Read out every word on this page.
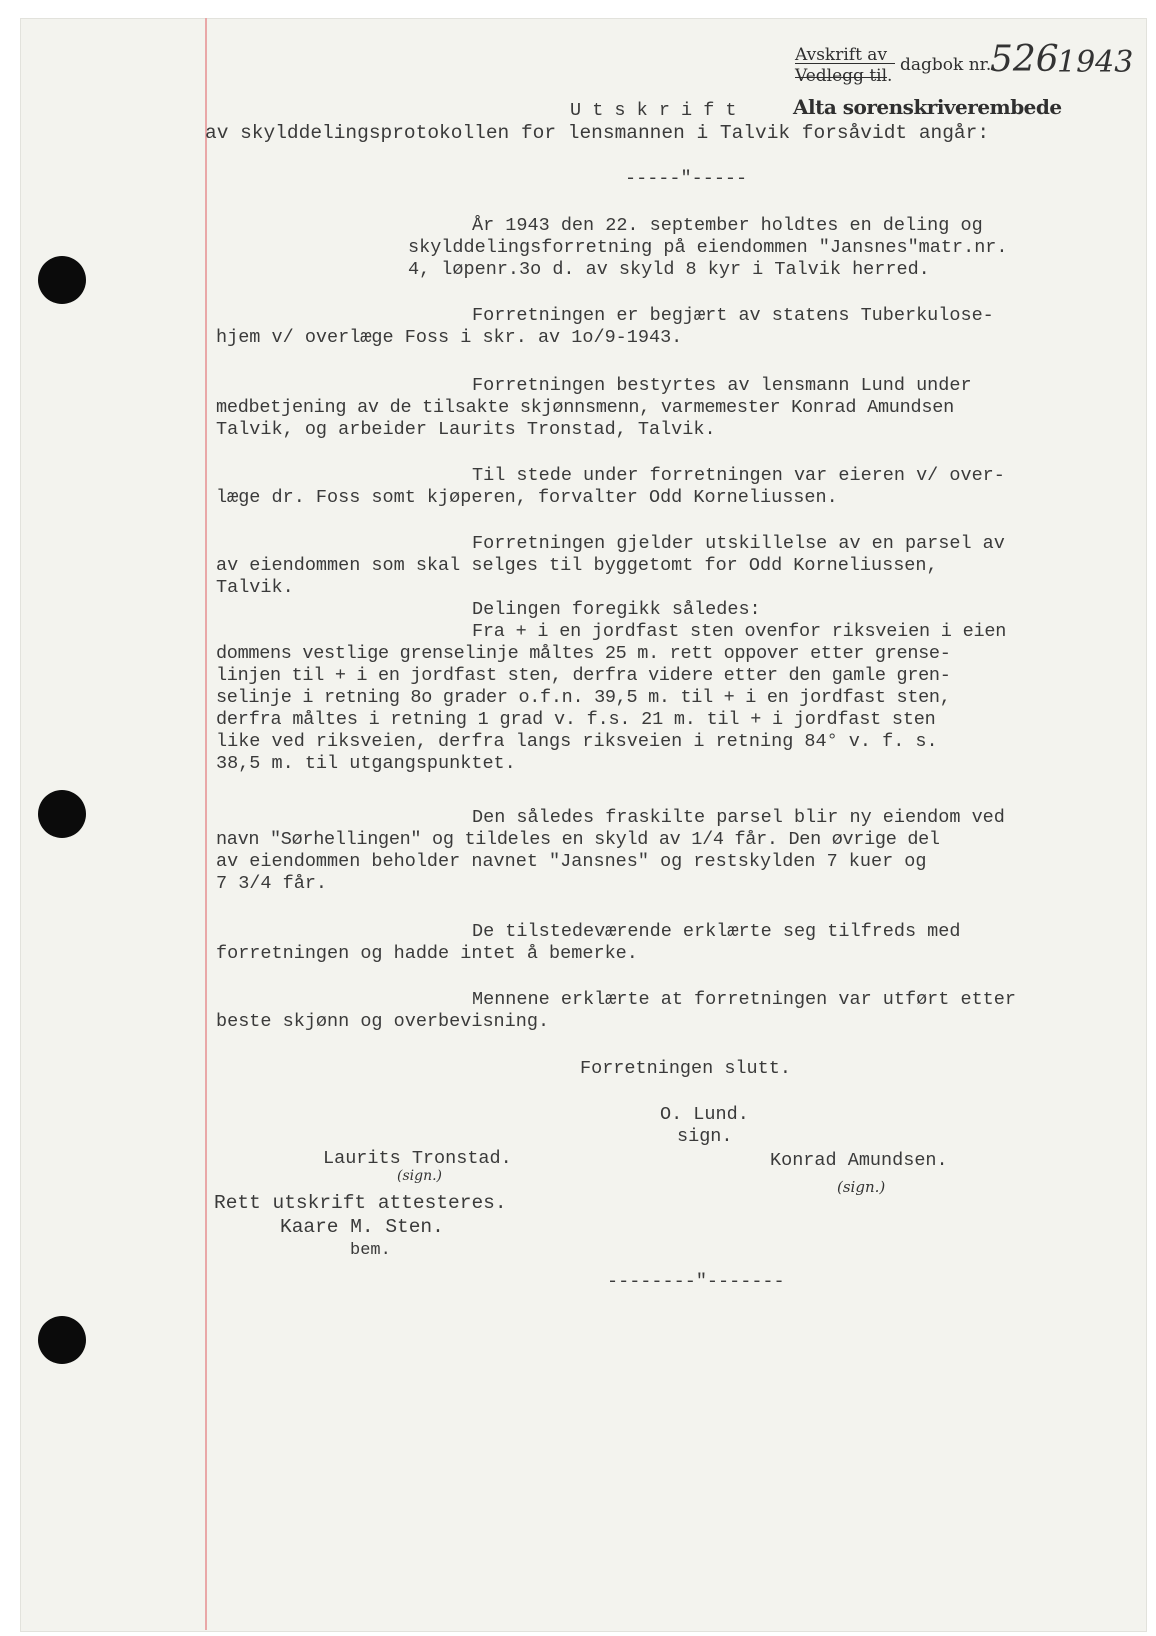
Avskrift av dagbok nr.
Vedlegg til.	526
1943
Alta sorenskriverembede

U t s k r i f t

av skylddelingsprotokollen for lensmannen i Talvik forsåvidt angår:

-----"-----

År 1943 den 22. september holdtes en deling og

skylddelingsforretning på eiendommen "Jansnes"matr.nr.

4, løpenr.3o d. av skyld 8 kyr i Talvik herred.

Forretningen er begjært av statens Tuberkulose-

hjem v/ overlæge Foss i skr. av 1o/9-1943.

Forretningen bestyrtes av lensmann Lund under

medbetjening av de tilsakte skjønnsmenn, varmemester Konrad Amundsen

Talvik, og arbeider Laurits Tronstad, Talvik.

Til stede under forretningen var eieren v/ over-

læge dr. Foss somt kjøperen, forvalter Odd Korneliussen.

Forretningen gjelder utskillelse av en parsel av

av eiendommen som skal selges til byggetomt for Odd Korneliussen,

Talvik.

Delingen foregikk således:

Fra + i en jordfast sten ovenfor riksveien i eien

dommens vestlige grenselinje måltes 25 m. rett oppover etter grense-

linjen til + i en jordfast sten, derfra videre etter den gamle gren-

selinje i retning 8o grader o.f.n. 39,5 m. til + i en jordfast sten,

derfra måltes i retning 1 grad v. f.s. 21 m. til + i jordfast sten

like ved riksveien, derfra langs riksveien i retning 84° v. f. s.

38,5 m. til utgangspunktet.

Den således fraskilte parsel blir ny eiendom ved

navn "Sørhellingen" og tildeles en skyld av 1/4 får. Den øvrige del

av eiendommen beholder navnet "Jansnes" og restskylden 7 kuer og

7 3/4 får.

De tilstedeværende erklærte seg tilfreds med

forretningen og hadde intet å bemerke.

Mennene erklærte at forretningen var utført etter

beste skjønn og overbevisning.

Forretningen slutt.

O. Lund.

sign.

Laurits Tronstad.

(sign.)

Konrad Amundsen.

(sign.)

Rett utskrift attesteres.

Kaare M. Sten.

bem.

--------"-------
